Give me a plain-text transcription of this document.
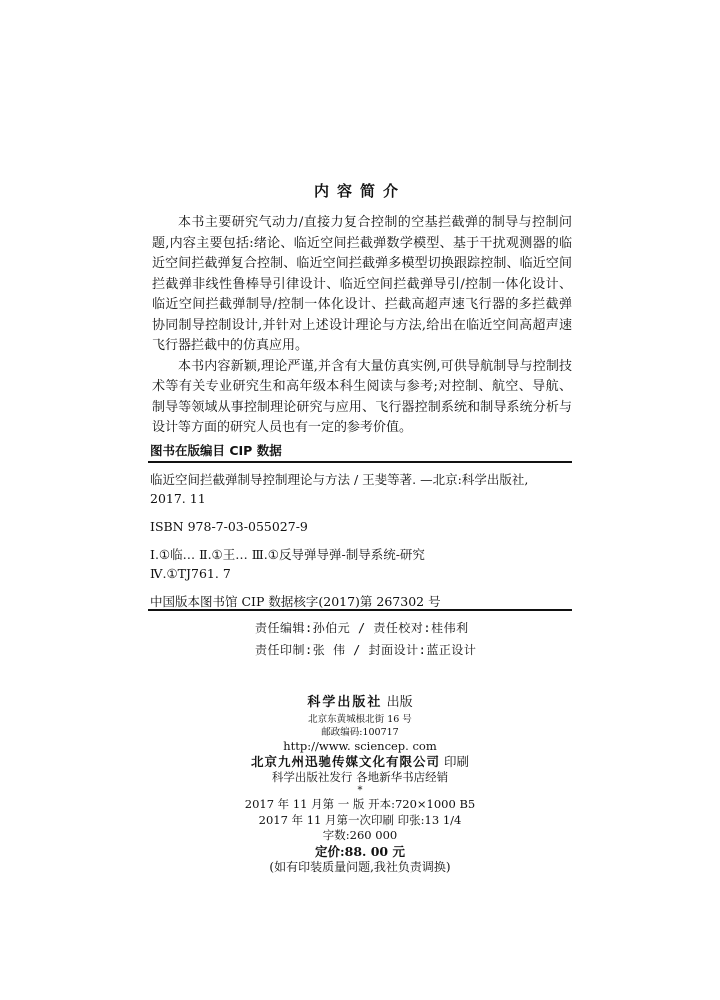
内容简介

本书主要研究气动力/直接力复合控制的空基拦截弹的制导与控制问题,内容主要包括:绪论、临近空间拦截弹数学模型、基于干扰观测器的临近空间拦截弹复合控制、临近空间拦截弹多模型切换跟踪控制、临近空间拦截弹非线性鲁棒导引律设计、临近空间拦截弹导引/控制一体化设计、临近空间拦截弹制导/控制一体化设计、拦截高超声速飞行器的多拦截弹协同制导控制设计,并针对上述设计理论与方法,给出在临近空间高超声速飞行器拦截中的仿真应用。

本书内容新颖,理论严谨,并含有大量仿真实例,可供导航制导与控制技术等有关专业研究生和高年级本科生阅读与参考;对控制、航空、导航、制导等领域从事控制理论研究与应用、飞行器控制系统和制导系统分析与设计等方面的研究人员也有一定的参考价值。

图书在版编目 CIP 数据
临近空间拦截弹制导控制理论与方法 / 王斐等著. —北京:科学出版社,
2017. 11
ISBN 978-7-03-055027-9
Ⅰ.①临… Ⅱ.①王… Ⅲ.①反导弹导弹-制导系统-研究
Ⅳ.①TJ761. 7
中国版本图书馆 CIP 数据核字(2017)第 267302 号
责任编辑:孙伯元 / 责任校对:桂伟利
责任印制:张 伟 / 封面设计:蓝正设计
科学出版社 出版
北京东黄城根北街 16 号
邮政编码:100717
http://www. sciencep. com
北京九州迅驰传媒文化有限公司 印刷
科学出版社发行 各地新华书店经销
*
2017 年 11 月第 一 版 开本:720×1000 B5
2017 年 11 月第一次印刷 印张:13 1/4
字数:260 000
定价:88. 00 元
(如有印装质量问题,我社负责调换)
